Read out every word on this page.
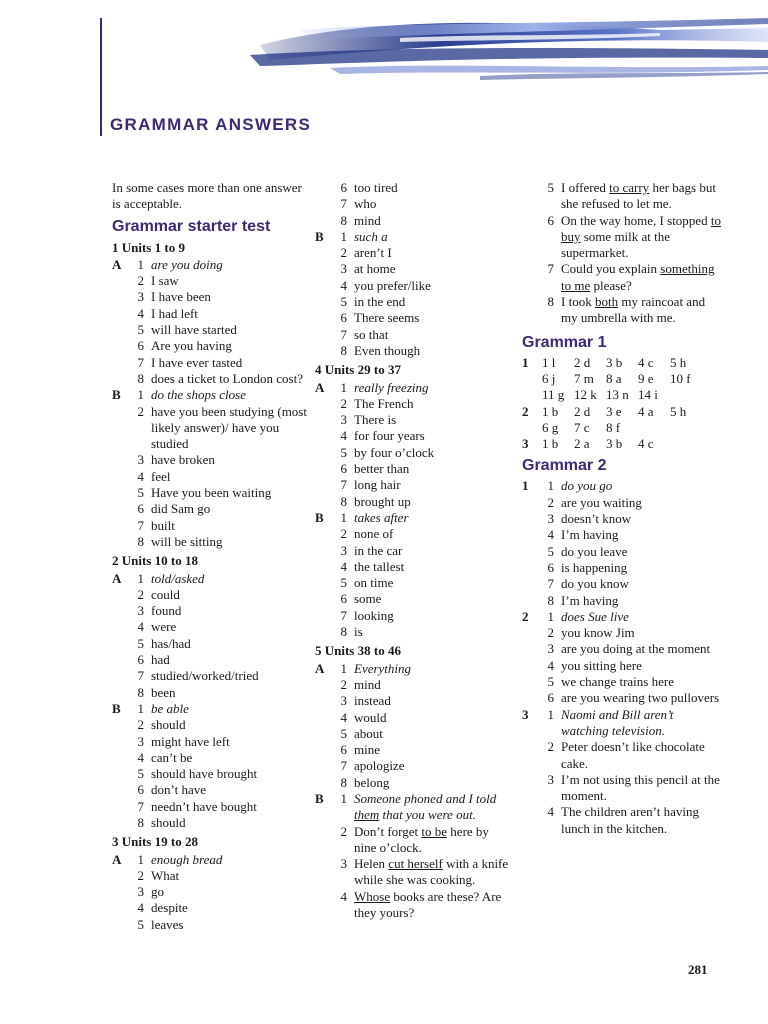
GRAMMAR ANSWERS
In some cases more than one answer is acceptable.
Grammar starter test
1 Units 1 to 9
A	1 are you doing
2 I saw
3 I have been
4 I had left
5 will have started
6 Are you having
7 I have ever tasted
8 does a ticket to London cost?
B	1 do the shops close
2 have you been studying (most likely answer)/ have you studied
3 have broken
4 feel
5 Have you been waiting
6 did Sam go
7 built
8 will be sitting
2 Units 10 to 18
A	1 told/asked
2 could
3 found
4 were
5 has/had
6 had
7 studied/worked/tried
8 been
B	1 be able
2 should
3 might have left
4 can’t be
5 should have brought
6 don’t have
7 needn’t have bought
8 should
3 Units 19 to 28
A	1 enough bread
2 What
3 go
4 despite
5 leaves
6 too tired
7 who
8 mind
B	1 such a
2 aren’t I
3 at home
4 you prefer/like
5 in the end
6 There seems
7 so that
8 Even though
4 Units 29 to 37
A	1 really freezing
2 The French
3 There is
4 for four years
5 by four o’clock
6 better than
7 long hair
8 brought up
B	1 takes after
2 none of
3 in the car
4 the tallest
5 on time
6 some
7 looking
8 is
5 Units 38 to 46
A	1 Everything
2 mind
3 instead
4 would
5 about
6 mine
7 apologize
8 belong
B	1 Someone phoned and I told them that you were out.
2 Don’t forget to be here by nine o’clock.
3 Helen cut herself with a knife while she was cooking.
4 Whose books are these? Are they yours?
5 I offered to carry her bags but she refused to let me.
6 On the way home, I stopped to buy some milk at the supermarket.
7 Could you explain something to me please?
8 I took both my raincoat and my umbrella with me.
Grammar 1
1	1 l	2 d	3 b	4 c	5 h
	6 j	7 m	8 a	9 e	10 f
	11 g	12 k	13 n	14 i	
2	1 b	2 d	3 e	4 a	5 h
	6 g	7 c	8 f		
3	1 b	2 a	3 b	4 c	
Grammar 2
1	1 do you go
2 are you waiting
3 doesn’t know
4 I’m having
5 do you leave
6 is happening
7 do you know
8 I’m having
2	1 does Sue live
2 you know Jim
3 are you doing at the moment
4 you sitting here
5 we change trains here
6 are you wearing two pullovers
3	1 Naomi and Bill aren’t watching television.
2 Peter doesn’t like chocolate cake.
3 I’m not using this pencil at the moment.
4 The children aren’t having lunch in the kitchen.
281
